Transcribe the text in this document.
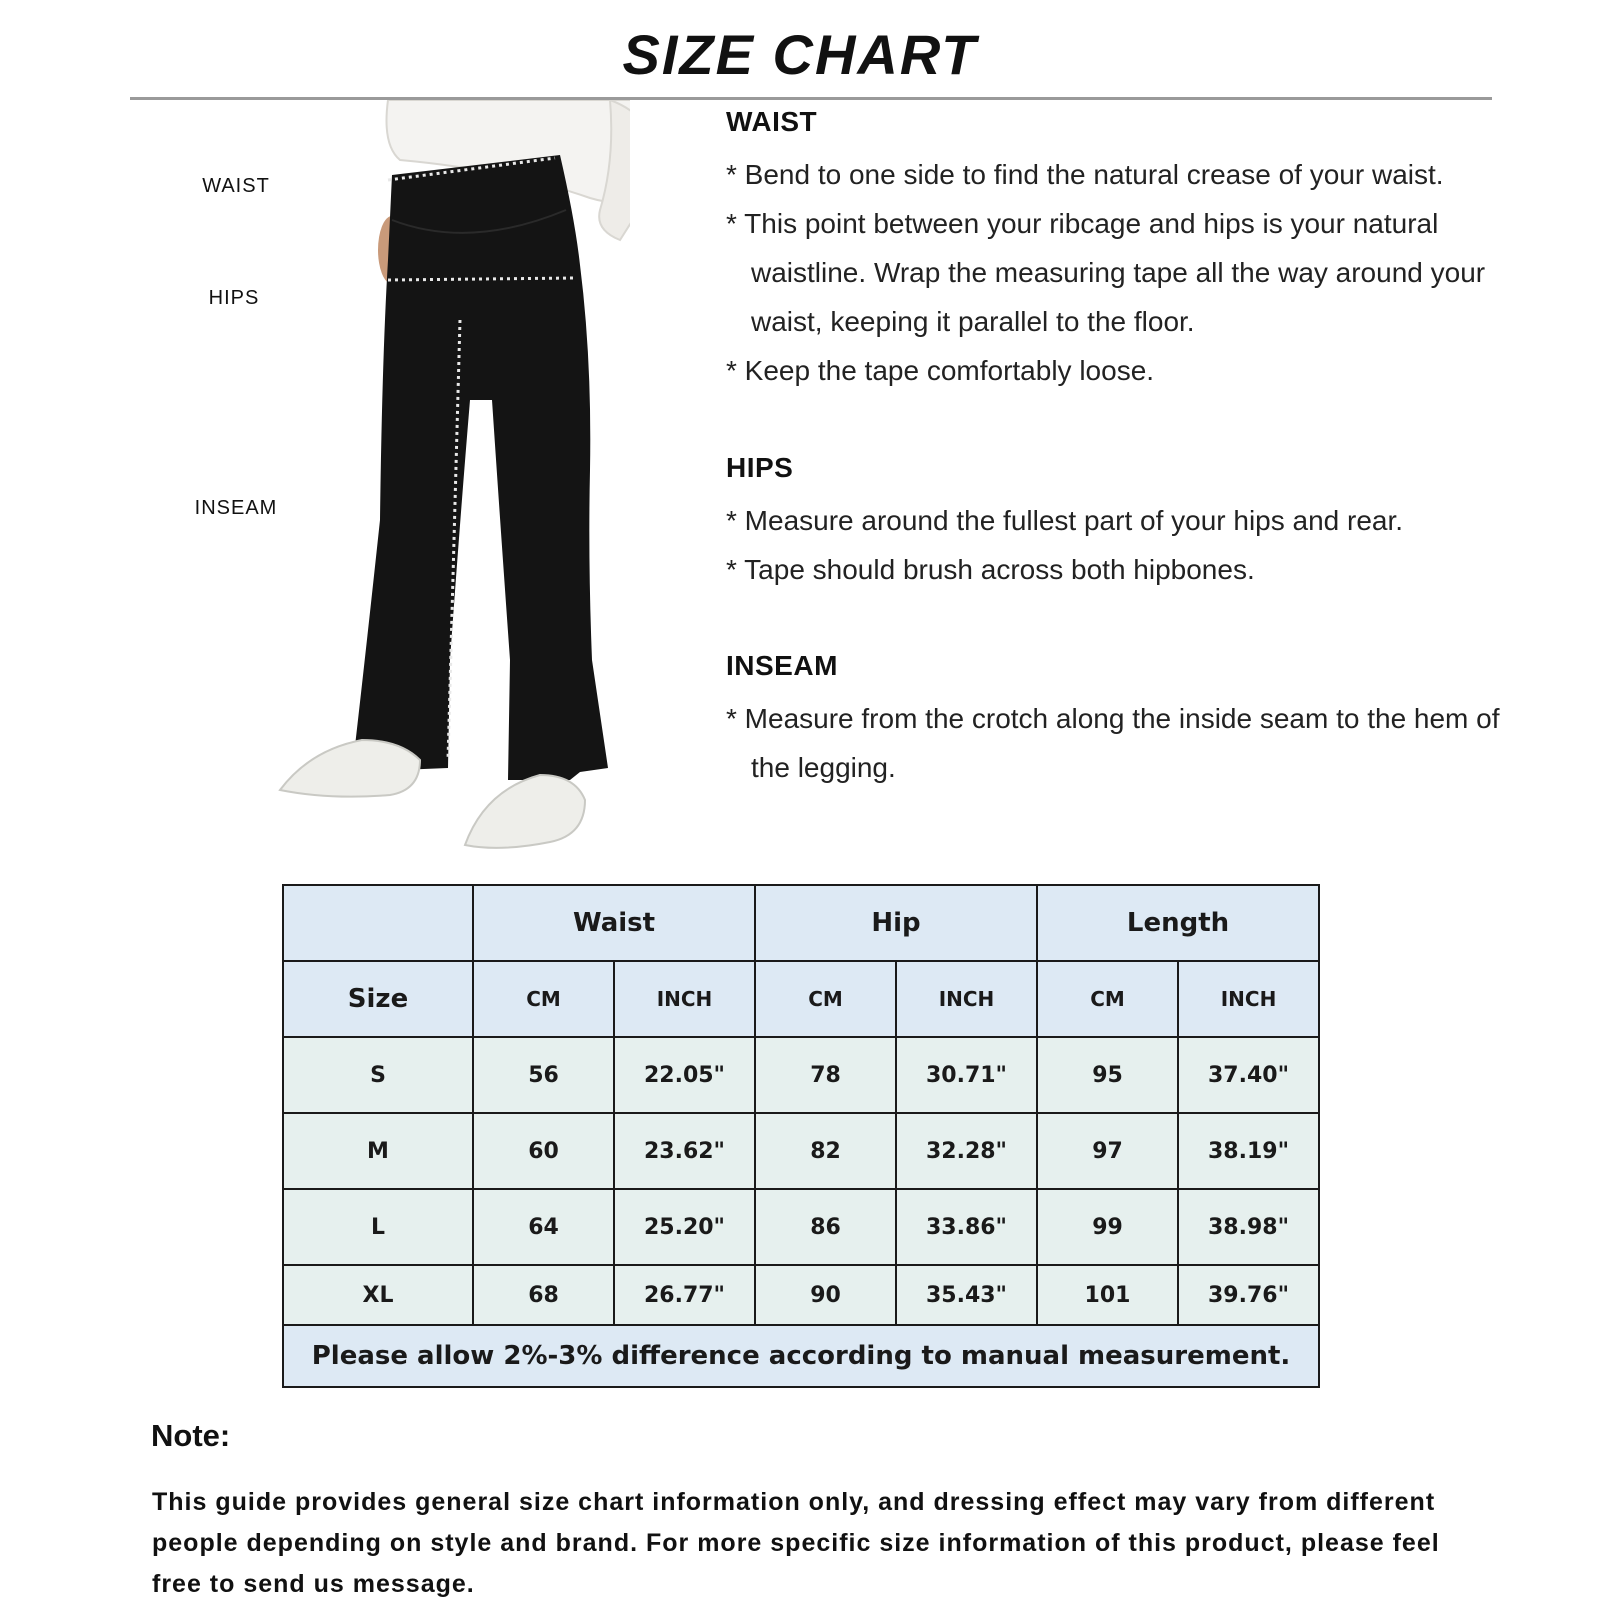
SIZE CHART
WAIST
HIPS
INSEAM
WAIST

* Bend to one side to find the natural crease of your waist.

* This point between your ribcage and hips is your natural waistline. Wrap the measuring tape all the way around your waist, keeping it parallel to the floor.

* Keep the tape comfortably loose.

HIPS

* Measure around the fullest part of your hips and rear.

* Tape should brush across both hipbones.

INSEAM

* Measure from the crotch along the inside seam to the hem of the legging.

	Waist		Hip		Length	
Size	CM	INCH	CM	INCH	CM	INCH
S	56	22.05"	78	30.71"	95	37.40"
M	60	23.62"	82	32.28"	97	38.19"
L	64	25.20"	86	33.86"	99	38.98"
XL	68	26.77"	90	35.43"	101	39.76"
Please allow 2%-3% difference according to manual measurement.						
Note:
This guide provides general size chart information only, and dressing effect may vary from different people depending on style and brand. For more specific size information of this product, please feel free to send us message.
